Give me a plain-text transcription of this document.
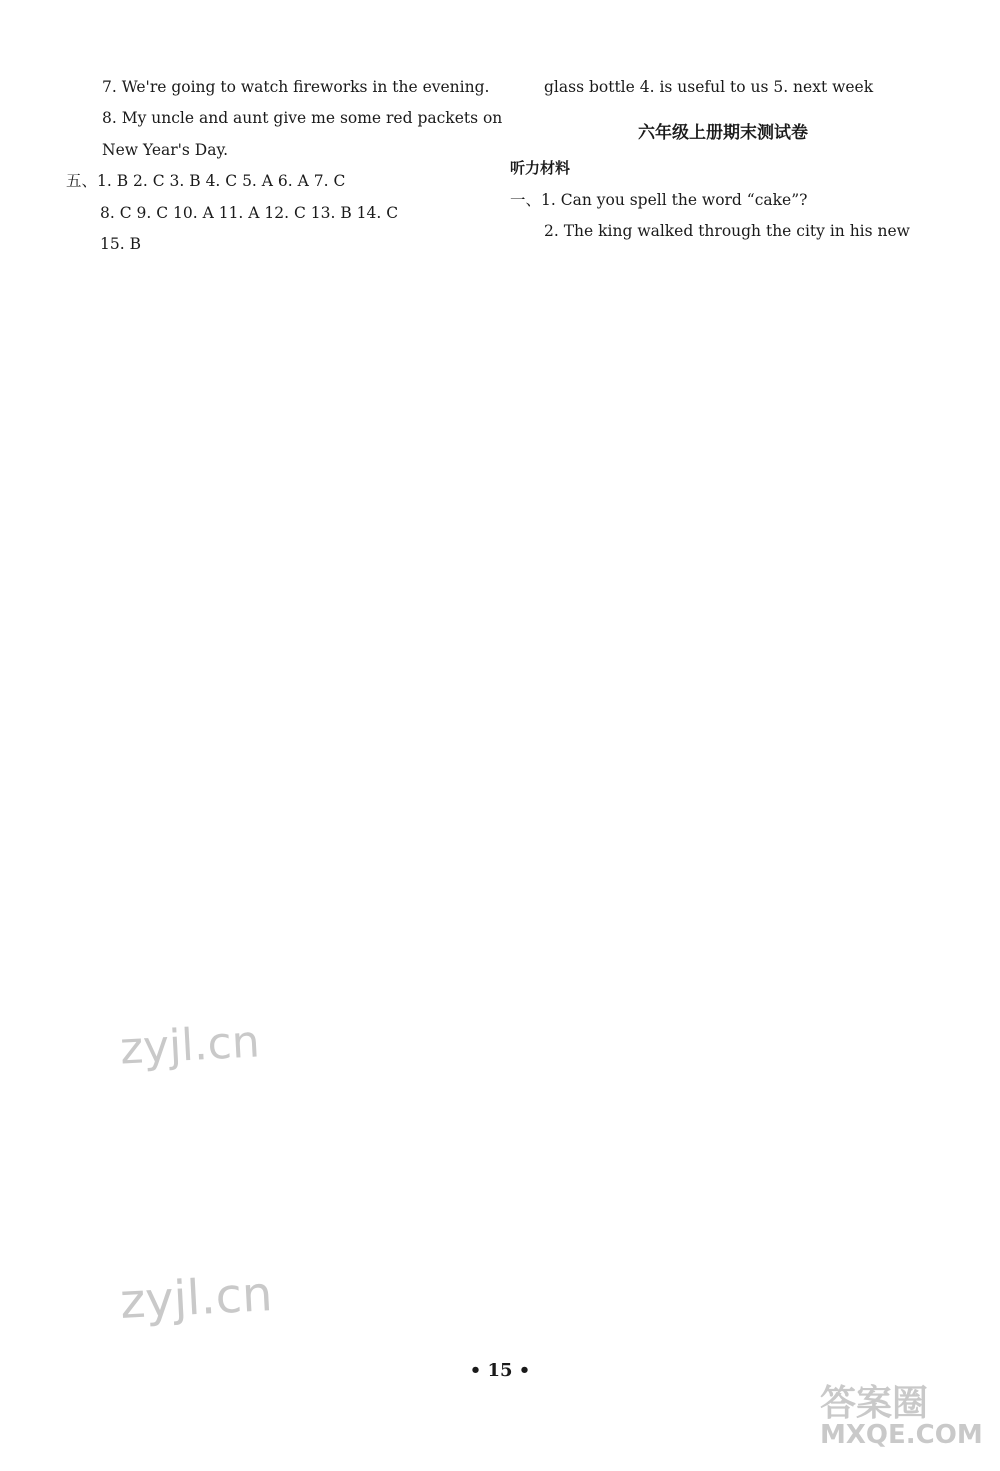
7. We're going to watch fireworks in the evening.
8. My uncle and aunt give me some red packets on
New Year's Day.
五、1. B 2. C 3. B 4. C 5. A 6. A 7. C
8. C 9. C 10. A 11. A 12. C 13. B 14. C
15. B
glass bottle 4. is useful to us 5. next week
六年级上册期末测试卷
听力材料
一、1. Can you spell the word “cake”?
2. The king walked through the city in his new
• 15 •
zyjl.cn
zyjl.cn
答案圈
MXQE.COM
